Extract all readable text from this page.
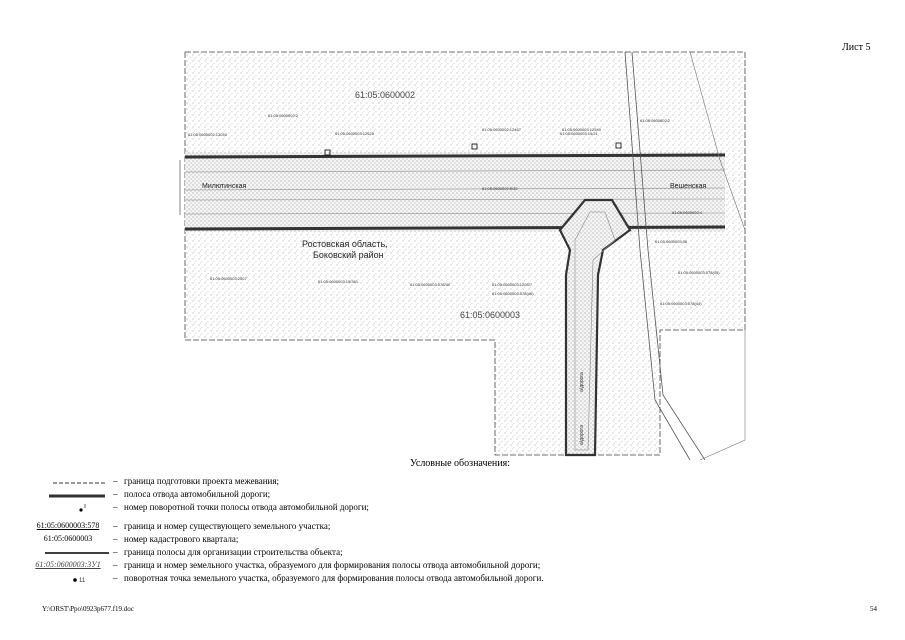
Лист 5
61:05:0600002
61:05:0600003
Ростовская область,
Боковский район
Милютинская	Вешенская
61:05:0600002:13040
61:05:0600002:2
61:05:0600003:12525
61:05:0600002:12467	61:05:0600003:12540
61:05:0600002:2
61:05:0600002:5/32
61:05:0600002:4
61:05:0600003:06
61:05:0600003:2507
61:05:0600003:15/361
61:05:0600003:578/40	61:05:0600003:1205/7
61:05:0600003:578(46)
61:05:0600003:15/21
61:05:0600003:578(44)
61:05:0600003:578(45)
а/дорога
а/дорога
Условные обозначения:
– граница подготовки проекта межевания;
– полоса отвода автомобильной дороги;
– номер поворотной точки полосы отвода автомобильной дороги;
61:05:0600003:578	– граница и номер существующего земельного участка;
61:05:0600003	– номер кадастрового квартала;
– граница полосы для организации строительства объекта;
61:05:0600003:3У1	– граница и номер земельного участка, образуемого для формирования полосы отвода автомобильной дороги;
11	– поворотная точка земельного участка, образуемого для формирования полосы отвода автомобильной дороги.
Y:\ORST\Ppo\0923p677.f19.doc	54
